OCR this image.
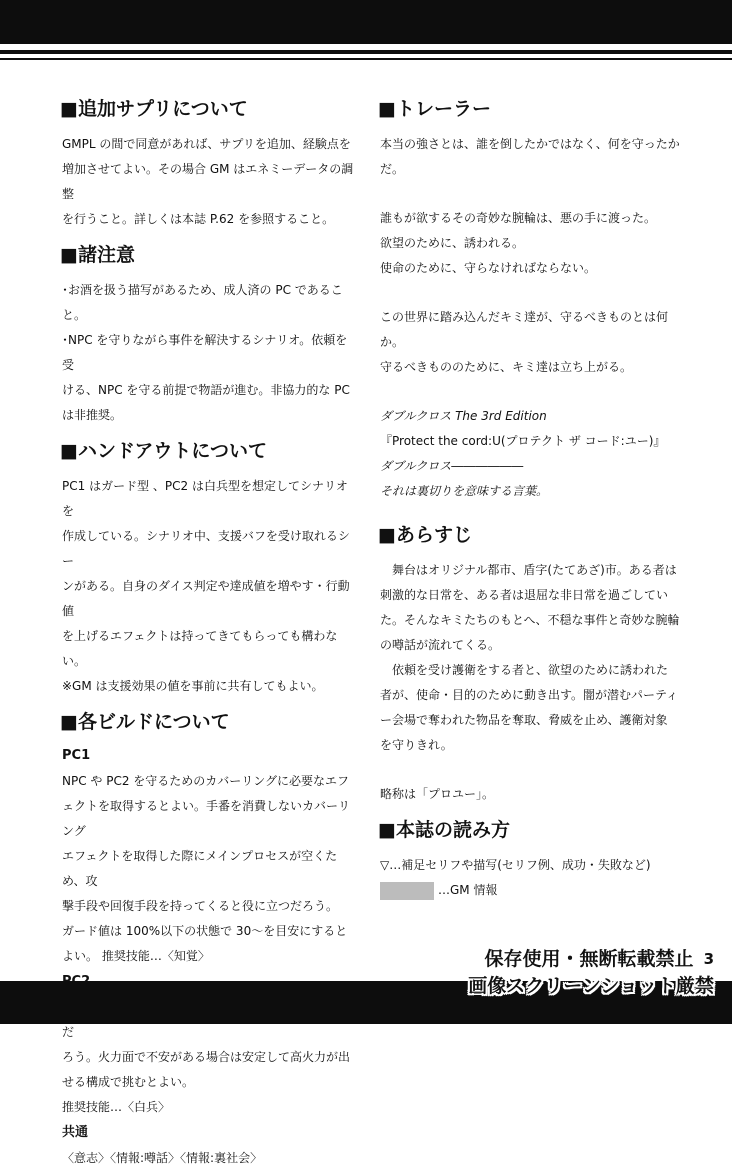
■追加サプリについて

GMPL の間で同意があれば、サプリを追加、経験点を

増加させてよい。その場合 GM はエネミーデータの調整

を行うこと。詳しくは本誌 P.62 を参照すること。

■諸注意

･お酒を扱う描写があるため、成人済の PC であること。

･NPC を守りながら事件を解決するシナリオ。依頼を受

ける、NPC を守る前提で物語が進む。非協力的な PC

は非推奨。

■ハンドアウトについて

PC1 はガード型 、PC2 は白兵型を想定してシナリオを

作成している。シナリオ中、支援バフを受け取れるシー

ンがある。自身のダイス判定や達成値を増やす・行動値

を上げるエフェクトは持ってきてもらっても構わない。

※GM は支援効果の値を事前に共有してもよい。

■各ビルドについて
PC1

NPC や PC2 を守るためのカバーリングに必要なエフ

ェクトを取得するとよい。手番を消費しないカバーリング

エフェクトを取得した際にメインプロセスが空くため、攻

撃手段や回復手段を持ってくると役に立つだろう。

ガード値は 100%以下の状態で 30～を目安にすると

よい。 推奨技能…〈知覚〉

だ

ろう。火力面で不安がある場合は安定して高火力が出

せる構成で挑むとよい。

推奨技能…〈白兵〉

共通

〈意志〉〈情報:噂話〉〈情報:裏社会〉

■トレーラー

本当の強さとは、誰を倒したかではなく、何を守ったか

だ。

誰もが欲するその奇妙な腕輪は、悪の手に渡った。

欲望のために、誘われる。

使命のために、守らなければならない。

この世界に踏み込んだキミ達が、守るべきものとは何か。

守るべきもののために、キミ達は立ち上がる。

ダブルクロス The 3rd Edition

『Protect the cord:U(プロテクト ザ コード:ユー)』

ダブルクロス――――――

それは裏切りを意味する言葉。

■あらすじ

舞台はオリジナル都市、盾字(たてあざ)市。ある者は

刺激的な日常を、ある者は退屈な非日常を過ごしてい

た。そんなキミたちのもとへ、不穏な事件と奇妙な腕輪

の噂話が流れてくる。

依頼を受け護衛をする者と、欲望のために誘われた

者が、使命・目的のために動き出す。闇が潜むパーティ

ー会場で奪われた物品を奪取、脅威を止め、護衛対象

を守りきれ。

略称は「プロユー」。

■本誌の読み方

▽…補足セリフや描写(セリフ例、成功・失敗など)

…GM 情報
保存使用・無断転載禁止 3
画像スクリーンショット厳禁
